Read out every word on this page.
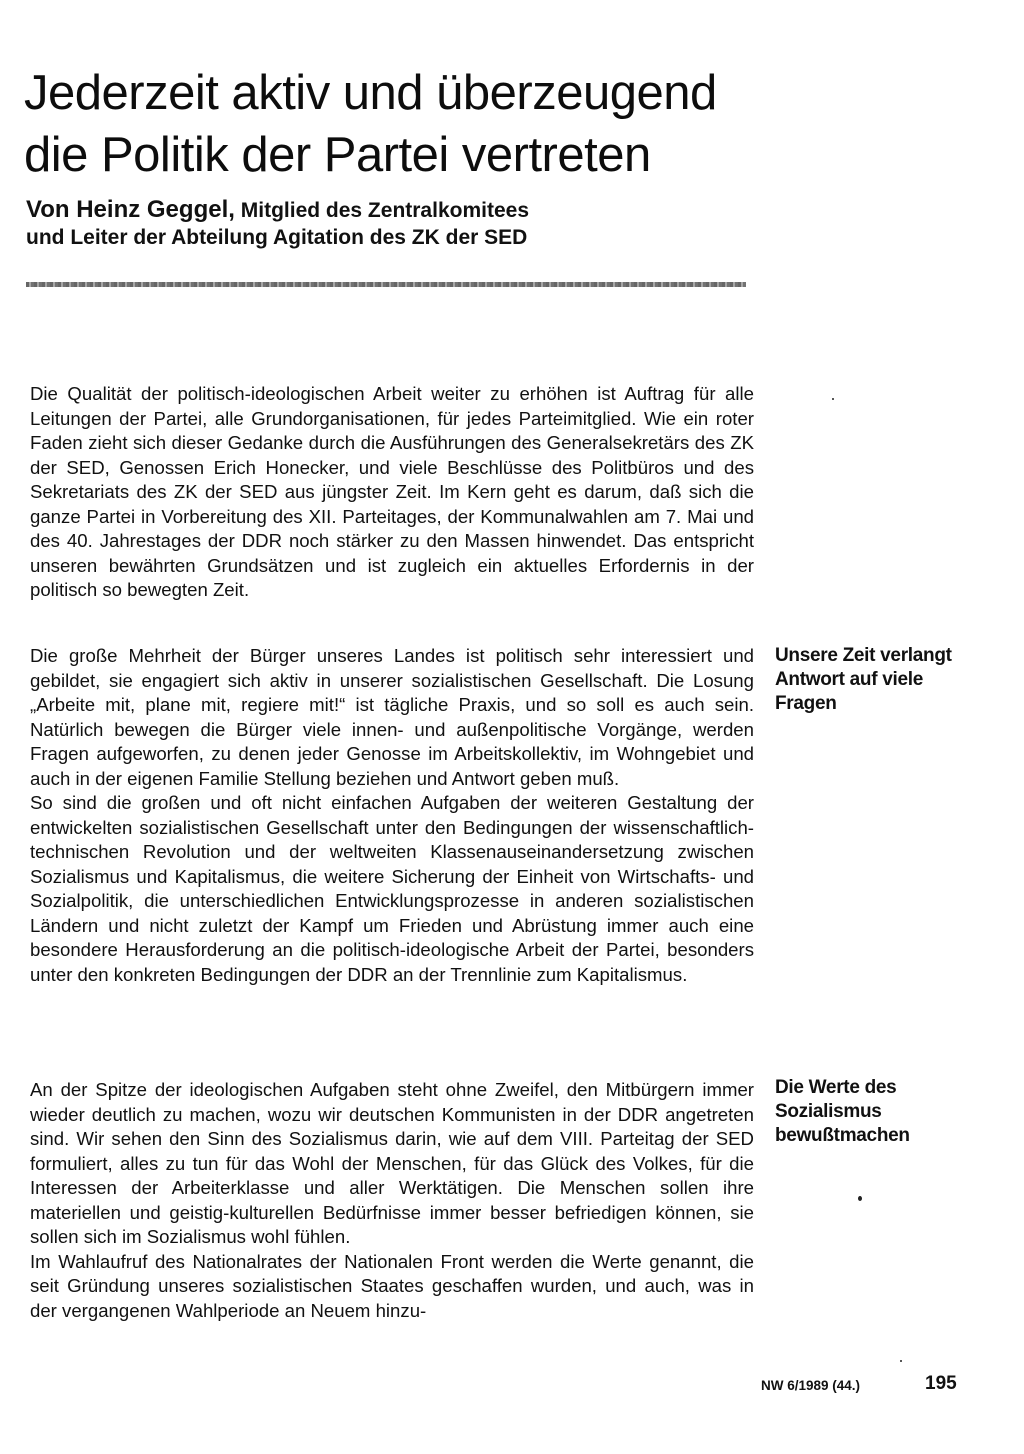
Jederzeit aktiv und überzeugend
die Politik der Partei vertreten
Von Heinz Geggel, Mitglied des Zentralkomitees
und Leiter der Abteilung Agitation des ZK der SED

Die Qualität der politisch-ideologischen Arbeit weiter zu erhöhen ist Auftrag für alle Leitungen der Partei, alle Grundorganisationen, für jedes Parteimitglied. Wie ein roter Faden zieht sich dieser Gedanke durch die Ausführungen des Generalsekretärs des ZK der SED, Genossen Erich Honecker, und viele Beschlüsse des Politbüros und des Sekretariats des ZK der SED aus jüngster Zeit. Im Kern geht es darum, daß sich die ganze Partei in Vorbereitung des XII. Parteitages, der Kommunalwahlen am 7. Mai und des 40. Jahrestages der DDR noch stärker zu den Massen hinwendet. Das entspricht unseren bewährten Grundsätzen und ist zugleich ein aktuelles Erfordernis in der politisch so bewegten Zeit.

Die große Mehrheit der Bürger unseres Landes ist politisch sehr interessiert und gebildet, sie engagiert sich aktiv in unserer sozialistischen Gesellschaft. Die Losung „Arbeite mit, plane mit, regiere mit!“ ist tägliche Praxis, und so soll es auch sein. Natürlich bewegen die Bürger viele innen- und außenpolitische Vorgänge, werden Fragen aufgeworfen, zu denen jeder Genosse im Arbeitskollektiv, im Wohngebiet und auch in der eigenen Familie Stellung beziehen und Antwort geben muß.

So sind die großen und oft nicht einfachen Aufgaben der weiteren Gestaltung der entwickelten sozialistischen Gesellschaft unter den Bedingungen der wissenschaftlich-technischen Revolution und der weltweiten Klassenauseinandersetzung zwischen Sozialismus und Kapitalismus, die weitere Sicherung der Einheit von Wirtschafts- und Sozialpolitik, die unterschiedlichen Entwicklungsprozesse in anderen sozialistischen Ländern und nicht zuletzt der Kampf um Frieden und Abrüstung immer auch eine besondere Herausforderung an die politisch-ideologische Arbeit der Partei, besonders unter den konkreten Bedingungen der DDR an der Trennlinie zum Kapitalismus.

An der Spitze der ideologischen Aufgaben steht ohne Zweifel, den Mitbürgern immer wieder deutlich zu machen, wozu wir deutschen Kommunisten in der DDR angetreten sind. Wir sehen den Sinn des Sozialismus darin, wie auf dem VIII. Parteitag der SED formuliert, alles zu tun für das Wohl der Menschen, für das Glück des Volkes, für die Interessen der Arbeiterklasse und aller Werktätigen. Die Menschen sollen ihre materiellen und geistig-kulturellen Bedürfnisse immer besser befriedigen können, sie sollen sich im Sozialismus wohl fühlen.

Im Wahlaufruf des Nationalrates der Nationalen Front werden die Werte genannt, die seit Gründung unseres sozialistischen Staates geschaffen wurden, und auch, was in der vergangenen Wahlperiode an Neuem hinzu-

Unsere Zeit verlangt Antwort auf viele Fragen
Die Werte des Sozialismus bewußtmachen
NW 6/1989 (44.)	195
